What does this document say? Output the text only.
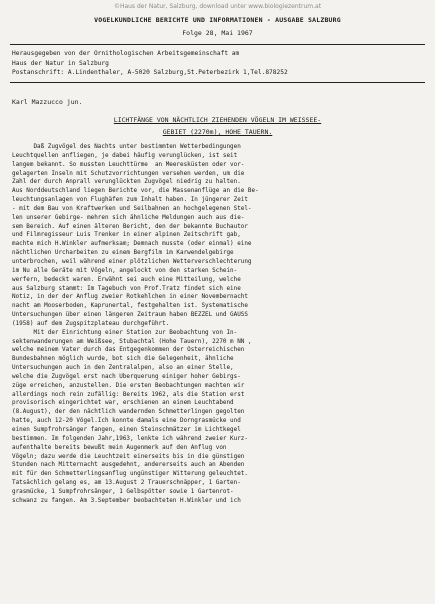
©Haus der Natur, Salzburg, download unter www.biologiezentrum.at
VOGELKUNDLICHE BERICHTE UND INFORMATIONEN - AUSGABE SALZBURG
Folge 28, Mai 1967
Herausgegeben von der Ornithologischen Arbeitsgemeinschaft am
Haus der Natur in Salzburg
Postanschrift: A.Lindenthaler, A-5020 Salzburg,St.Peterbezirk 1,Tel.878252
Karl Mazzucco jun.
LICHTFÄNGE VON NÄCHTLICH ZIEHENDEN VÖGELN IM WEISSEE-
GEBIET (2270m), HOHE TAUERN.
Daß Zugvögel des Nachts unter bestimmten Wetterbedingungen
Leuchtquellen anfliegen, je dabei häufig verunglücken, ist seit
langem bekannt. So mussten Leuchttürme  an Meeresküsten oder vor-
gelagerten Inseln mit Schutzvorrichtungen versehen werden, um die
Zahl der durch Anprall verunglückten Zugvögel niedrig zu halten.
Aus Norddeutschland liegen Berichte vor, die Massenanflüge an die Be-
leuchtungsanlagen von Flughäfen zum Inhalt haben. In jüngerer Zeit
- mit dem Bau von Kraftwerken und Seilbahnen an hochgelegenen Stel-
len unserer Gebirge- mehren sich ähnliche Meldungen auch aus die-
sem Bereich. Auf einen älteren Bericht, den der bekannte Buchautor
und Filmregisseur Luis Trenker in einer alpinen Zeitschrift gab,
machte mich H.Winkler aufmerksam; Demnach musste (oder einmal) eine
nächtlichen Urcharbeiten zu einem Bergfilm im Karwendelgebirge
unterbrochen, weil während einer plötzlichen Wetterverschlechterung
im Nu alle Geräte mit Vögeln, angelockt von den starken Schein-
werfern, bedeckt waren. Erwähnt sei auch eine Mitteilung, welche
aus Salzburg stammt: Im Tagebuch von Prof.Tratz findet sich eine
Notiz, in der der Anflug zweier Rotkehlchen in einer Novembernacht
nacht am Mooserboden, Kaprunertal, festgehalten ist. Systematische
Untersuchungen über einen längeren Zeitraum haben BEZZEL und GAUSS
(1958) auf dem Zugspitzplateau durchgeführt.
Mit der Einrichtung einer Station zur Beobachtung von In-
sektenwanderungen am Weißsee, Stubachtal (Hohe Tauern), 2270 m NN ,
welche meinem Vater durch das Entgegenkommen der Österreichischen
Bundesbahnen möglich wurde, bot sich die Gelegenheit, ähnliche
Untersuchungen auch in den Zentralalpen, also an einer Stelle,
welche die Zugvögel erst nach Überquerung einiger hoher Gebirgs-
züge erreichen, anzustellen. Die ersten Beobachtungen machten wir
allerdings noch rein zufällig: Bereits 1962, als die Station erst
provisorisch eingerichtet war, erschienen an einem Leuchtabend
(8.August), der den nächtlich wandernden Schmetterlingen gegolten
hatte, auch 12-20 Vögel.Ich konnte damals eine Dorngrasmücke und
einen Sumpfrohrsänger fangen, einen Steinschmätzer im Lichtkegel
bestimmen. Im folgenden Jahr,1963, lenkte ich während zweier Kurz-
aufenthalte bereits bewußt mein Augenmerk auf den Anflug von
Vögeln; dazu werde die Leuchtzeit einerseits bis in die günstigen
Stunden nach Mitternacht ausgedehnt, andererseits auch an Abenden
mit für den Schmetterlingsanflug ungünstiger Witterung geleuchtet.
Tatsächlich gelang es, am 13.August 2 Trauerschnäpper, 1 Garten-
grasmücke, 1 Sumpfrohrsänger, 1 Gelbspötter sowie 1 Gartenrot-
schwanz zu fangen. Am 3.September beobachteten H.Winkler und ich
